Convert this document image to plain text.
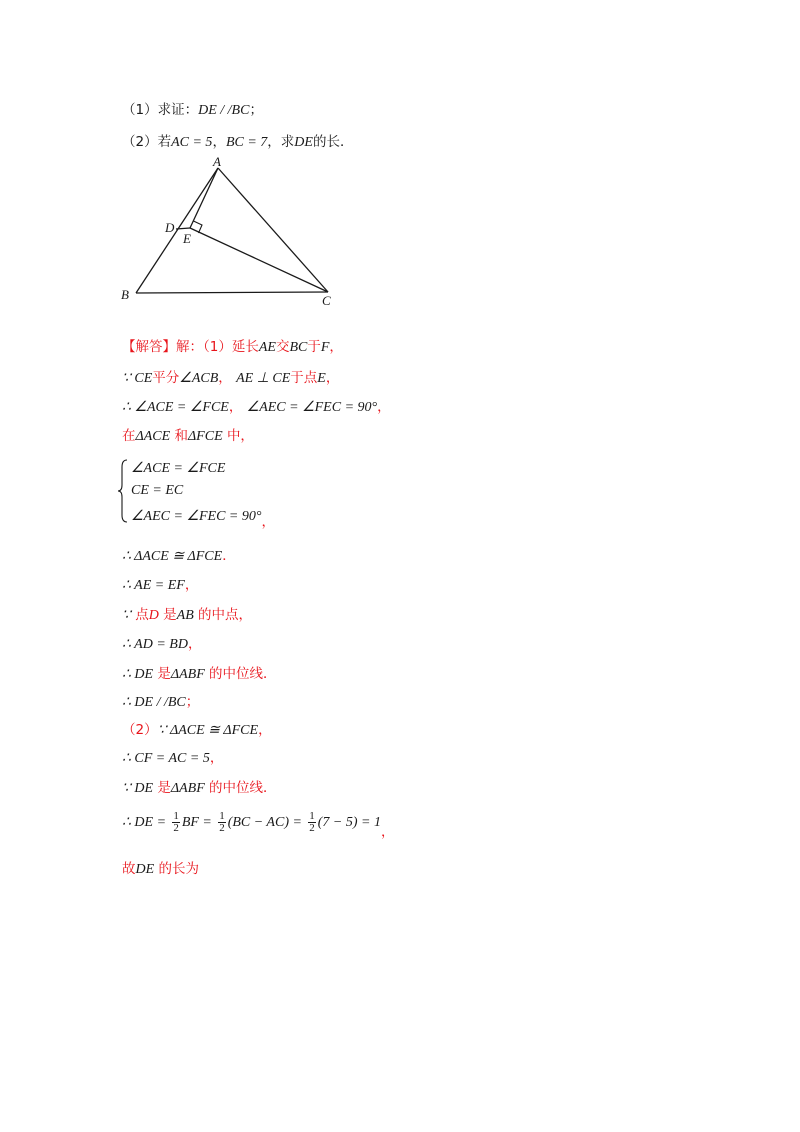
（1）求证：DE / /BC；
（2）若AC = 5，BC = 7，求DE的长．
A
B	C
D
E
【解答】解：（1）延长AE交BC于F，
∵ CE平分∠ACB， AE ⊥ CE于点E，
∴ ∠ACE = ∠FCE， ∠AEC = ∠FEC = 90°，
在ΔACE 和ΔFCE 中，
∠ACE = ∠FCE
CE = EC
∠AEC = ∠FEC = 90°，
∴ ΔACE ≅ ΔFCE．
∴ AE = EF，
∵ 点D 是AB 的中点，
∴ AD = BD，
∴ DE 是ΔABF 的中位线．
∴ DE / /BC；
（2）∵ ΔACE ≅ ΔFCE，
∴ CF = AC = 5，
∵ DE 是ΔABF 的中位线．
∴ DE = $\frac{1}{2}$ BF = $\frac{1}{2} (BC - AC) = \frac{1}{2} (7 - 5) = 1$，
故DE 的长为
